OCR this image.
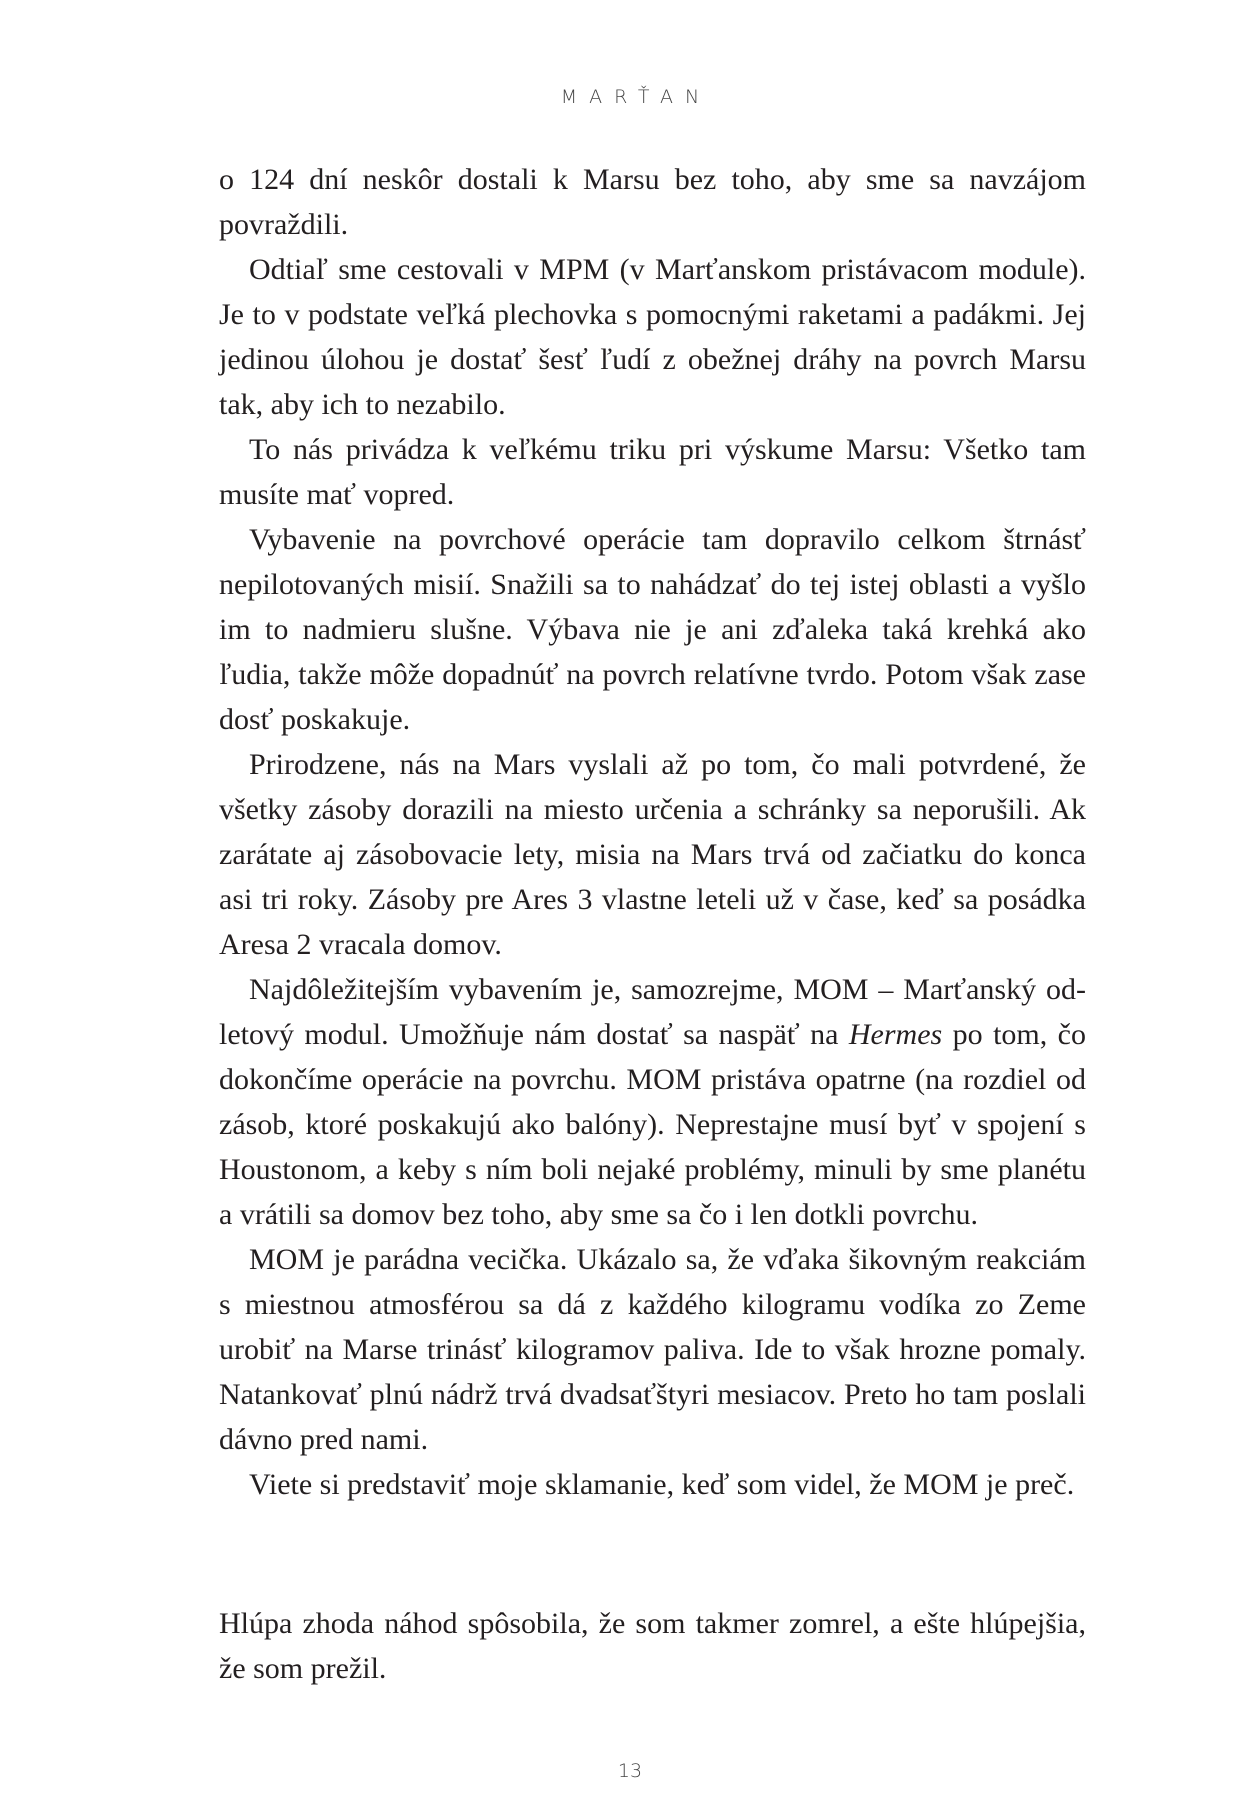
MARŤAN

o 124 dní neskôr dostali k Marsu bez toho, aby sme sa navzájom povraždili.

Odtiaľ sme cestovali v MPM (v Marťanskom pristávacom module). Je to v podstate veľká plechovka s pomocnými raketami a padákmi. Jej jedinou úlohou je dostať šesť ľudí z obežnej dráhy na povrch Marsu tak, aby ich to nezabilo.

To nás privádza k veľkému triku pri výskume Marsu: Všetko tam musíte mať vopred.

Vybavenie na povrchové operácie tam dopravilo celkom štrnásť nepilotovaných misií. Snažili sa to nahádzať do tej istej oblasti a vyšlo im to nadmieru slušne. Výbava nie je ani zďaleka taká krehká ako ľudia, takže môže dopadnúť na povrch relatívne tvrdo. Potom však zase dosť poskakuje.

Prirodzene, nás na Mars vyslali až po tom, čo mali potvrdené, že všetky zásoby dorazili na miesto určenia a schránky sa neporušili. Ak zarátate aj zásobovacie lety, misia na Mars trvá od začiatku do konca asi tri roky. Zásoby pre Ares 3 vlastne leteli už v čase, keď sa posádka Aresa 2 vracala domov.

Najdôležitejším vybavením je, samozrejme, MOM – Marťanský odletový modul. Umožňuje nám dostať sa naspäť na Hermes po tom, čo dokončíme operácie na povrchu. MOM pristáva opatrne (na rozdiel od zásob, ktoré poskakujú ako balóny). Neprestajne musí byť v spojení s Houstonom, a keby s ním boli nejaké problémy, minuli by sme planétu a vrátili sa domov bez toho, aby sme sa čo i len dotkli povrchu.

MOM je parádna vecička. Ukázalo sa, že vďaka šikovným reakciám s miestnou atmosférou sa dá z každého kilogramu vodíka zo Zeme urobiť na Marse trinásť kilogramov paliva. Ide to však hrozne pomaly. Natankovať plnú nádrž trvá dvadsaťštyri mesiacov. Preto ho tam poslali dávno pred nami.

Viete si predstaviť moje sklamanie, keď som videl, že MOM je preč.

Hlúpa zhoda náhod spôsobila, že som takmer zomrel, a ešte hlúpejšia, že som prežil.

13
